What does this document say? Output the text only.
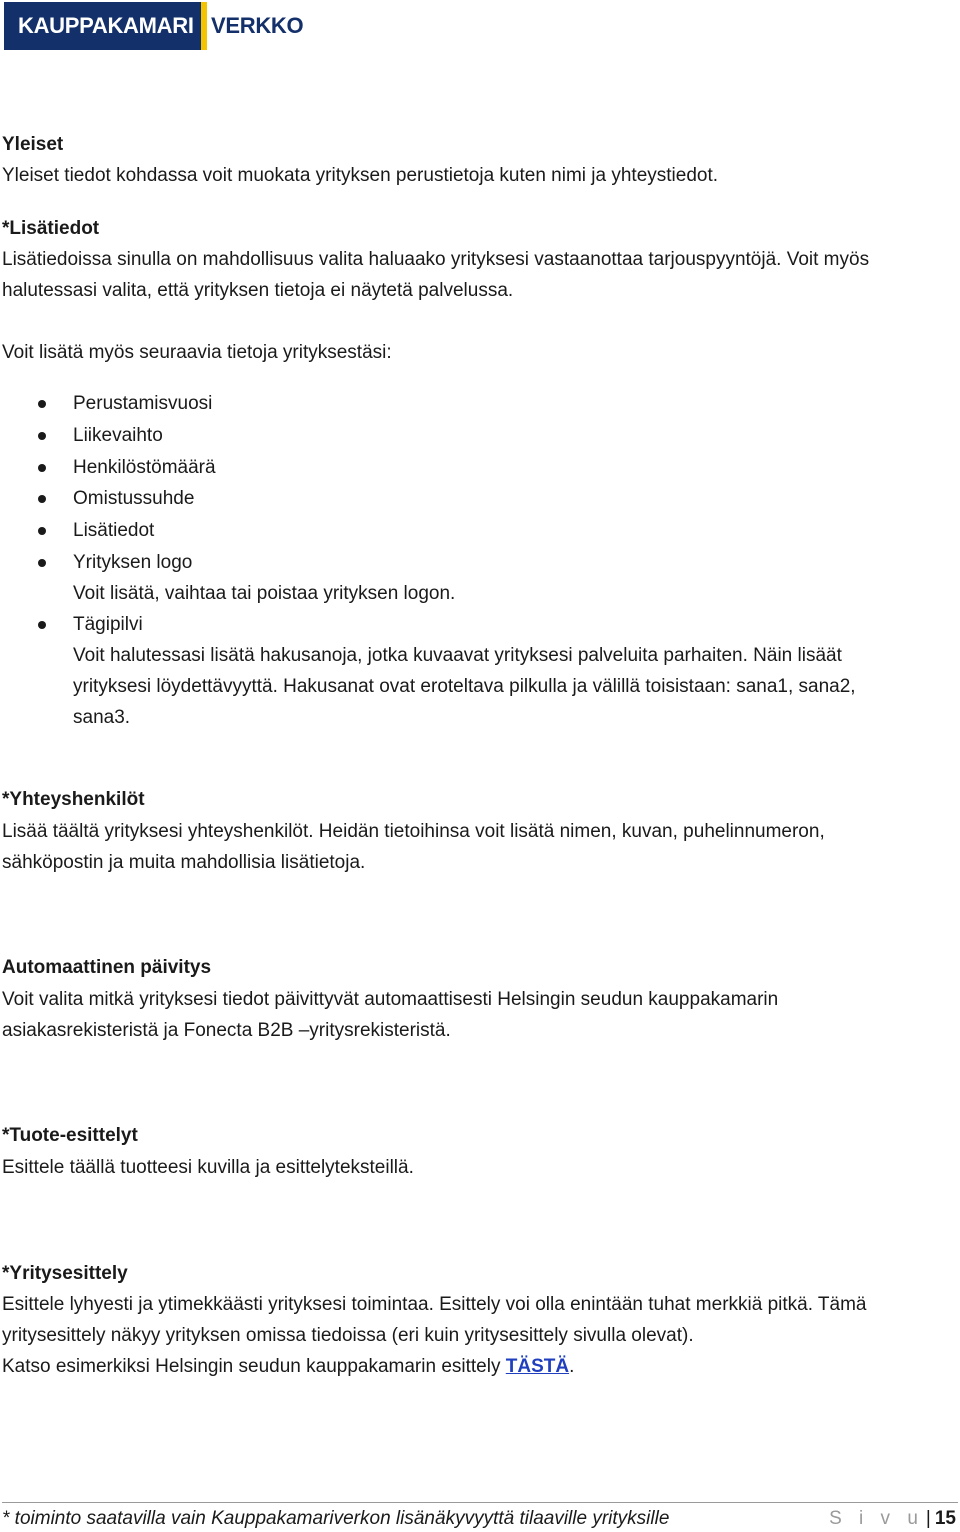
KAUPPAKAMARI VERKKO
Yleiset
Yleiset tiedot kohdassa voit muokata yrityksen perustietoja kuten nimi ja yhteystiedot.
*Lisätiedot
Lisätiedoissa sinulla on mahdollisuus valita haluaako yrityksesi vastaanottaa tarjouspyyntöjä. Voit myös
halutessasi valita, että yrityksen tietoja ei näytetä palvelussa.
Voit lisätä myös seuraavia tietoja yrityksestäsi:
Perustamisvuosi
Liikevaihto
Henkilöstömäärä
Omistussuhde
Lisätiedot
Yrityksen logo
Voit lisätä, vaihtaa tai poistaa yrityksen logon.
Tägipilvi
Voit halutessasi lisätä hakusanoja, jotka kuvaavat yrityksesi palveluita parhaiten. Näin lisäät
yrityksesi löydettävyyttä. Hakusanat ovat eroteltava pilkulla ja välillä toisistaan: sana1, sana2,
sana3.
*Yhteyshenkilöt
Lisää täältä yrityksesi yhteyshenkilöt. Heidän tietoihinsa voit lisätä nimen, kuvan, puhelinnumeron,
sähköpostin ja muita mahdollisia lisätietoja.
Automaattinen päivitys
Voit valita mitkä yrityksesi tiedot päivittyvät automaattisesti Helsingin seudun kauppakamarin
asiakasrekisteristä ja Fonecta B2B –yritysrekisteristä.
*Tuote-esittelyt
Esittele täällä tuotteesi kuvilla ja esittelyteksteillä.
*Yritysesittely
Esittele lyhyesti ja ytimekkäästi yrityksesi toimintaa. Esittely voi olla enintään tuhat merkkiä pitkä. Tämä
yritysesittely näkyy yrityksen omissa tiedoissa (eri kuin yritysesittely sivulla olevat).
Katso esimerkiksi Helsingin seudun kauppakamarin esittely TÄSTÄ.
* toiminto saatavilla vain Kauppakamariverkon lisänäkyvyyttä tilaaville yrityksille	S i v u | 15
